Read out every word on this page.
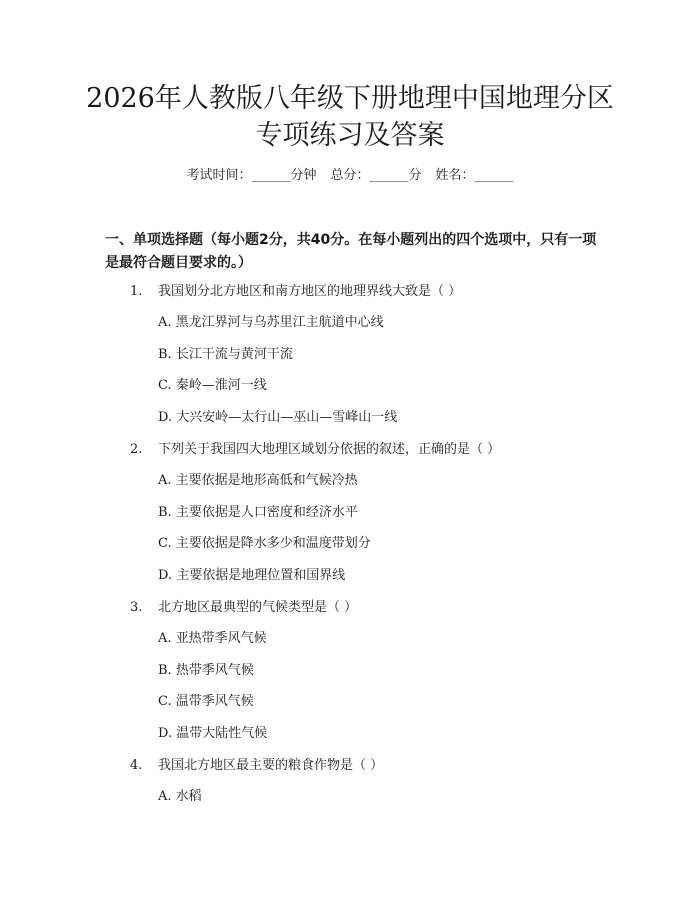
2026年人教版八年级下册地理中国地理分区
专项练习及答案
考试时间：______分钟 总分：______分 姓名：______
一、单项选择题（每小题2分，共40分。在每小题列出的四个选项中，只有一项是最符合题目要求的。）
1. 我国划分北方地区和南方地区的地理界线大致是（ ）
A. 黑龙江界河与乌苏里江主航道中心线
B. 长江干流与黄河干流
C. 秦岭—淮河一线
D. 大兴安岭—太行山—巫山—雪峰山一线
2. 下列关于我国四大地理区域划分依据的叙述，正确的是（ ）
A. 主要依据是地形高低和气候冷热
B. 主要依据是人口密度和经济水平
C. 主要依据是降水多少和温度带划分
D. 主要依据是地理位置和国界线
3. 北方地区最典型的气候类型是（ ）
A. 亚热带季风气候
B. 热带季风气候
C. 温带季风气候
D. 温带大陆性气候
4. 我国北方地区最主要的粮食作物是（ ）
A. 水稻
